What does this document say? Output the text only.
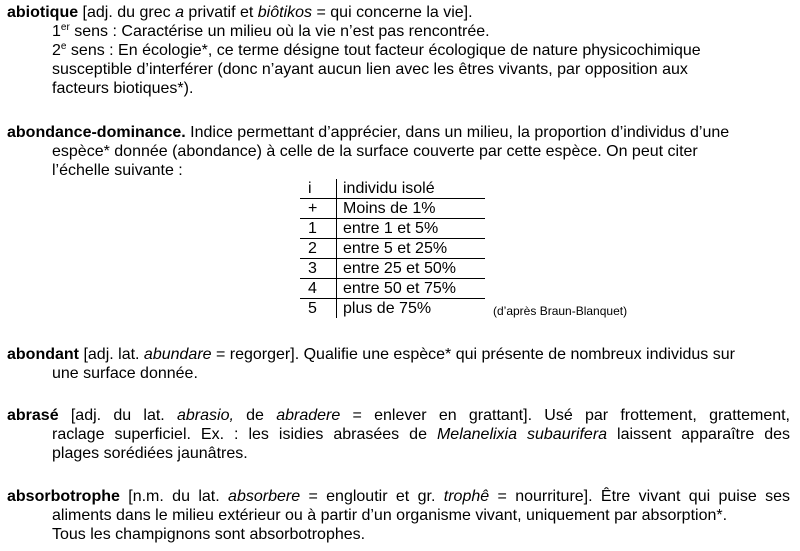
abiotique [adj. du grec a privatif et biôtikos = qui concerne la vie].
1er sens : Caractérise un milieu où la vie n’est pas rencontrée.
2e sens : En écologie*, ce terme désigne tout facteur écologique de nature physicochimique
susceptible d’interférer (donc n’ayant aucun lien avec les êtres vivants, par opposition aux
facteurs biotiques*).
abondance-dominance. Indice permettant d’apprécier, dans un milieu, la proportion d’individus d’une
espèce* donnée (abondance) à celle de la surface couverte par cette espèce. On peut citer
l’échelle suivante :
i	individu isolé
+	Moins de 1%
1	entre 1 et 5%
2	entre 5 et 25%
3	entre 25 et 50%
4	entre 50 et 75%
5	plus de 75%	(d’après Braun-Blanquet)
abondant [adj. lat. abundare = regorger]. Qualifie une espèce* qui présente de nombreux individus sur
une surface donnée.
abrasé [adj. du lat. abrasio, de abradere = enlever en grattant]. Usé par frottement, grattement,
raclage superficiel. Ex. : les isidies abrasées de Melanelixia subaurifera laissent apparaître des
plages sorédiées jaunâtres.
absorbotrophe [n.m. du lat. absorbere = engloutir et gr. trophê = nourriture]. Être vivant qui puise ses
aliments dans le milieu extérieur ou à partir d’un organisme vivant, uniquement par absorption*.
Tous les champignons sont absorbotrophes.
